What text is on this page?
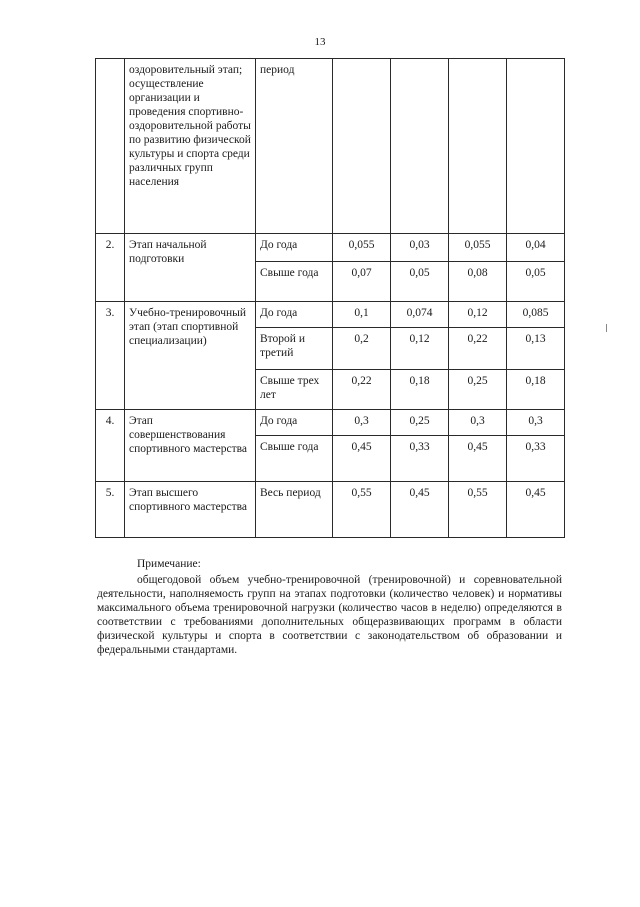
13
	оздоровительный этап; осуществление организации и проведения спортивно-оздоровительной работы по развитию физической культуры и спорта среди различных групп населения	период				
2.	Этап начальной подготовки	До года	0,055	0,03	0,055	0,04
		Свыше года	0,07	0,05	0,08	0,05
3.	Учебно-тренировочный этап (этап спортивной специализации)	До года	0,1	0,074	0,12	0,085
		Второй и третий	0,2	0,12	0,22	0,13
		Свыше трех лет	0,22	0,18	0,25	0,18
4.	Этап совершенствования спортивного мастерства	До года	0,3	0,25	0,3	0,3
		Свыше года	0,45	0,33	0,45	0,33
5.	Этап высшего спортивного мастерства	Весь период	0,55	0,45	0,55	0,45

Примечание:

общегодовой объем учебно-тренировочной (тренировочной) и соревновательной деятельности, наполняемость групп на этапах подготовки (количество человек) и нормативы максимального объема тренировочной нагрузки (количество часов в неделю) определяются в соответствии с требованиями дополнительных общеразвивающих программ в области физической культуры и спорта в соответствии с законодательством об образовании и федеральными стандартами.
